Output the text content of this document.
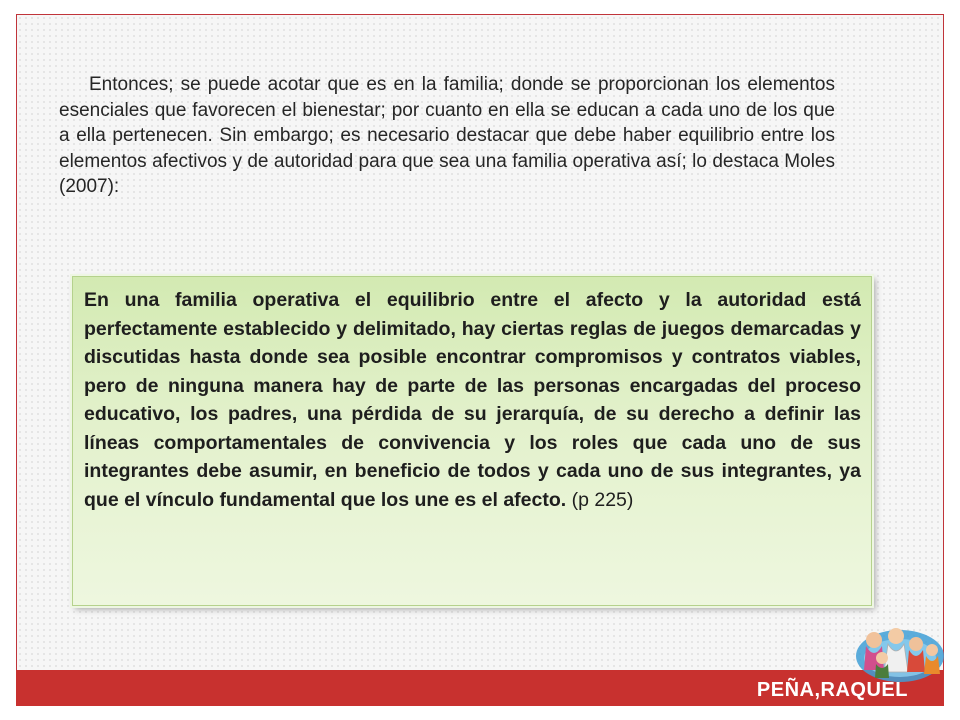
Entonces; se puede acotar que es en la familia; donde se proporcionan los elementos esenciales que favorecen el bienestar; por cuanto en ella se educan a cada uno de los que a ella pertenecen. Sin embargo; es necesario destacar que debe haber equilibrio entre los elementos afectivos y de autoridad para que sea una familia operativa así; lo destaca Moles (2007):

En una familia operativa el equilibrio entre el afecto y la autoridad está perfectamente establecido y delimitado, hay ciertas reglas de juegos demarcadas y discutidas hasta donde sea posible encontrar compromisos y contratos viables, pero de ninguna manera hay de parte de las personas encargadas del proceso educativo, los padres, una pérdida de su jerarquía, de su derecho a definir las líneas comportamentales de convivencia y los roles que cada uno de sus integrantes debe asumir, en beneficio de todos y cada uno de sus integrantes, ya que el vínculo fundamental que los une es el afecto. (p 225)

PEÑA,RAQUEL
